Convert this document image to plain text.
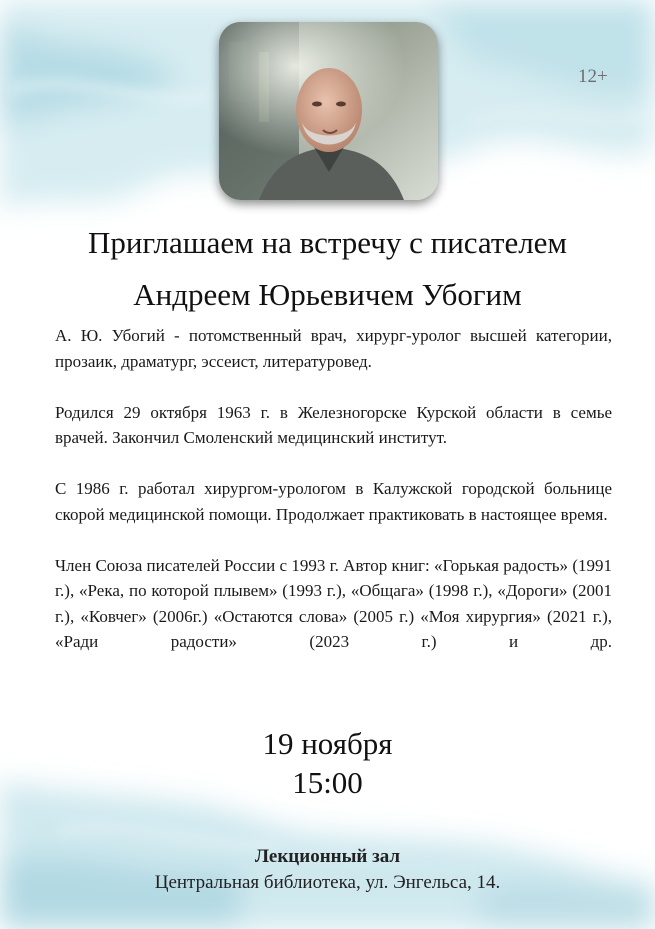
12+
Приглашаем на встречу с писателем
Андреем Юрьевичем Убогим

А. Ю. Убогий - потомственный врач, хирург-уролог высшей категории, прозаик, драматург, эссеист, литературовед.

Родился 29 октября 1963 г. в Железногорске Курской области в семье врачей. Закончил Смоленский медицинский институт.

С 1986 г. работал хирургом-урологом в Калужской городской больнице скорой медицинской помощи. Продолжает практиковать в настоящее время.

Член Союза писателей России с 1993 г. Автор книг: «Горькая радость» (1991 г.), «Река, по которой плывем» (1993 г.), «Общага» (1998 г.), «Дороги» (2001 г.), «Ковчег» (2006г.) «Остаются слова» (2005 г.) «Моя хирургия» (2021 г.), «Ради радости» (2023 г.) и др.

19 ноября
15:00
Лекционный зал
Центральная библиотека, ул. Энгельса, 14.
